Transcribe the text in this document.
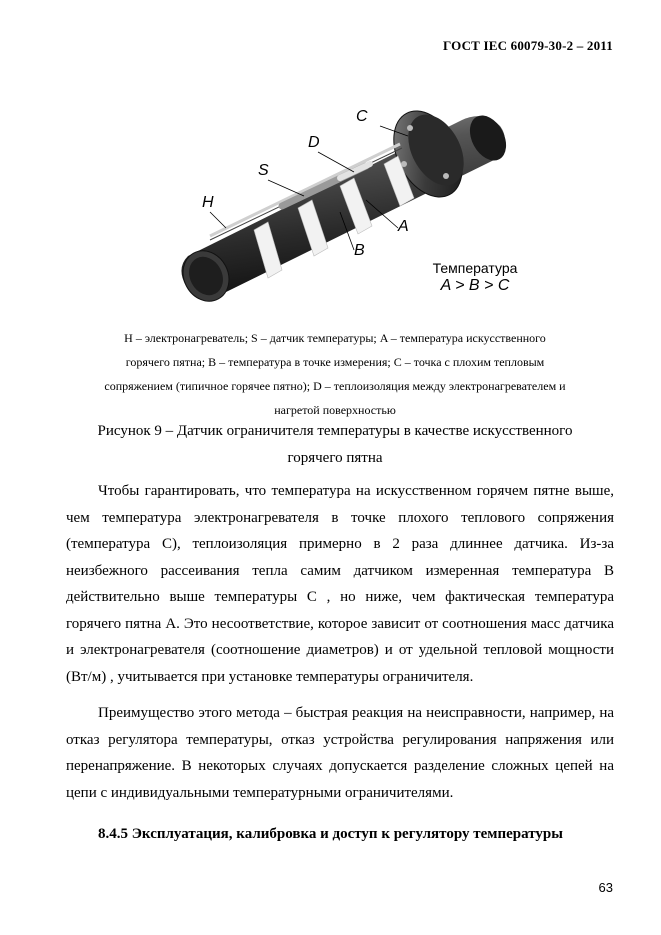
ГОСТ IEC 60079-30-2 – 2011
H
S
D
C
A
B
Температура
A > B > C
H – электронагреватель; S – датчик температуры; A – температура искусственного
горячего пятна; B – температура в точке измерения; C – точка с плохим тепловым
сопряжением (типичное горячее пятно); D – теплоизоляция между электронагревателем и
нагретой поверхностью
Рисунок 9 – Датчик ограничителя температуры в качестве искусственного
горячего пятна

Чтобы гарантировать, что температура на искусственном горячем пятне выше, чем температура электронагревателя в точке плохого теплового сопряжения (температура C), теплоизоляция примерно в 2 раза длиннее датчика. Из-за неизбежного рассеивания тепла самим датчиком измеренная температура B действительно выше температуры C , но ниже, чем фактическая температура горячего пятна A. Это несоответствие, которое зависит от соотношения масс датчика и электронагревателя (соотношение диаметров) и от удельной тепловой мощности (Вт/м) , учитывается при установке температуры ограничителя.

Преимущество этого метода – быстрая реакция на неисправности, например, на отказ регулятора температуры, отказ устройства регулирования напряжения или перенапряжение. В некоторых случаях допускается разделение сложных цепей на цепи с индивидуальными температурными ограничителями.

8.4.5 Эксплуатация, калибровка и доступ к регулятору температуры
63
